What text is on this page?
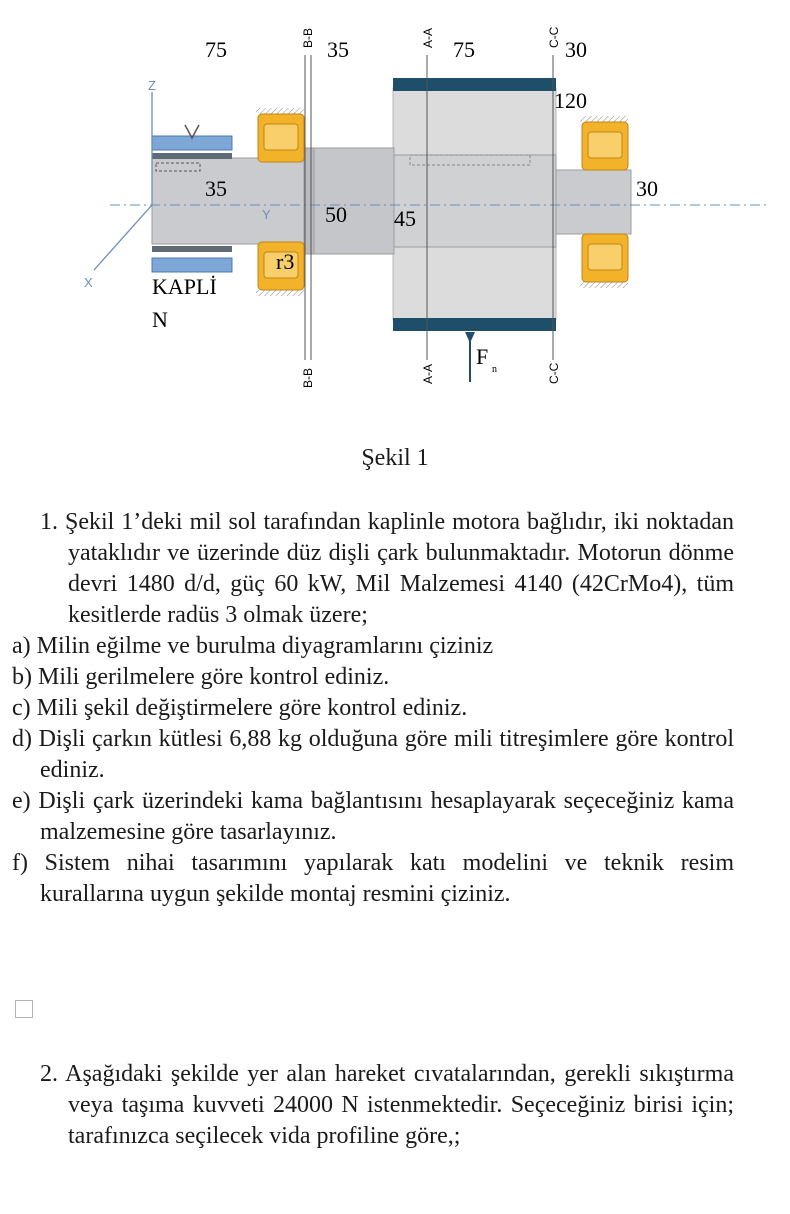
Z
Y
X
75	35	75	30
120
35
50 45
30
r3
B-B	A-A	C-C
B-B	A-A	C-C
KAPLİ
N
F
n
Şekil 1
1. Şekil 1’deki mil sol tarafından kaplinle motora bağlıdır, iki noktadan yataklıdır ve üzerinde düz dişli çark bulunmaktadır. Motorun dönme devri 1480 d/d, güç 60 kW, Mil Malzemesi 4140 (42CrMo4), tüm kesitlerde radüs 3 olmak üzere;
a) Milin eğilme ve burulma diyagramlarını çiziniz
b) Mili gerilmelere göre kontrol ediniz.
c) Mili şekil değiştirmelere göre kontrol ediniz.
d) Dişli çarkın kütlesi 6,88 kg olduğuna göre mili titreşimlere göre kontrol ediniz.
e) Dişli çark üzerindeki kama bağlantısını hesaplayarak seçeceğiniz kama malzemesine göre tasarlayınız.
f) Sistem nihai tasarımını yapılarak katı modelini ve teknik resim kurallarına uygun şekilde montaj resmini çiziniz.
2. Aşağıdaki şekilde yer alan hareket cıvatalarından, gerekli sıkıştırma veya taşıma kuvveti 24000 N istenmektedir. Seçeceğiniz birisi için; tarafınızca seçilecek vida profiline göre,;
